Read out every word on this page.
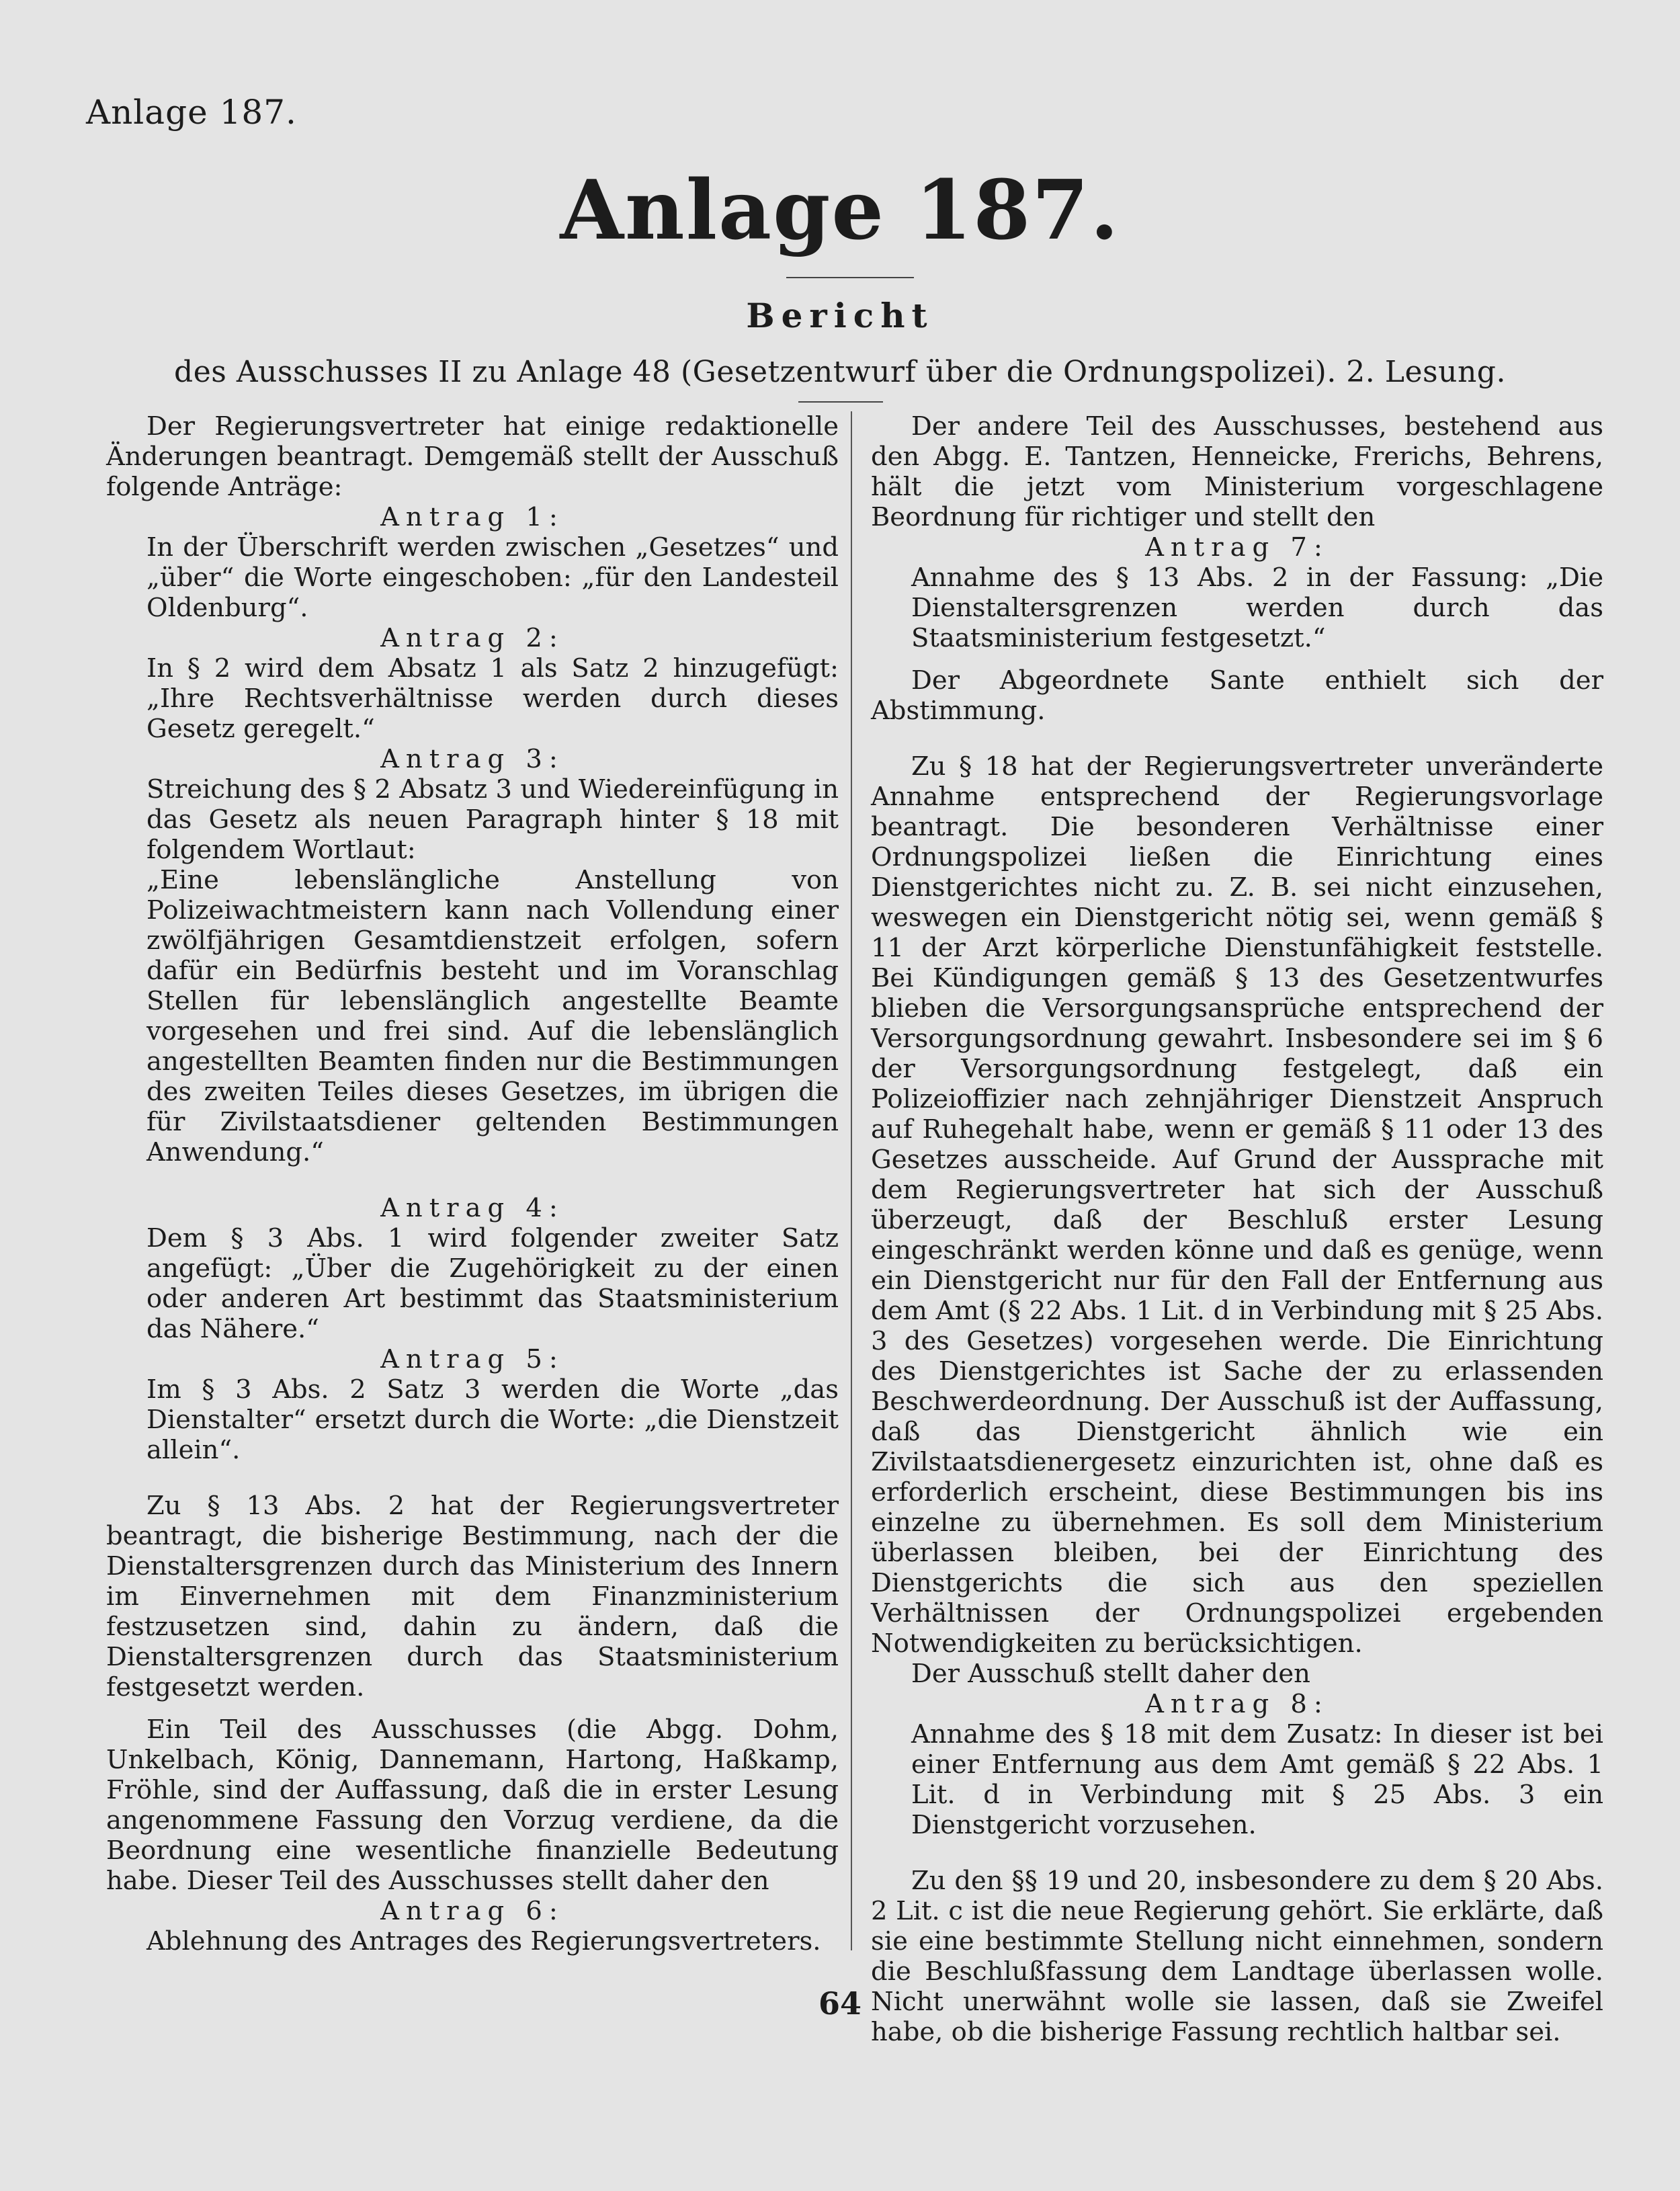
Anlage 187.
Anlage 187.
Bericht
des Ausschusses II zu Anlage 48 (Gesetzentwurf über die Ordnungspolizei). 2. Lesung.

Der Regierungsvertreter hat einige redaktionelle Änderungen beantragt. Demgemäß stellt der Ausschuß folgende Anträge:

Antrag 1:

In der Überschrift werden zwischen „Gesetzes“ und „über“ die Worte eingeschoben: „für den Landesteil Oldenburg“.

Antrag 2:

In § 2 wird dem Absatz 1 als Satz 2 hinzugefügt: „Ihre Rechtsverhältnisse werden durch dieses Gesetz geregelt.“

Antrag 3:

Streichung des § 2 Absatz 3 und Wiedereinfügung in das Gesetz als neuen Paragraph hinter § 18 mit folgendem Wortlaut:

„Eine lebenslängliche Anstellung von Polizeiwachtmeistern kann nach Vollendung einer zwölfjährigen Gesamtdienstzeit erfolgen, sofern dafür ein Bedürfnis besteht und im Voranschlag Stellen für lebenslänglich angestellte Beamte vorgesehen und frei sind. Auf die lebenslänglich angestellten Beamten finden nur die Bestimmungen des zweiten Teiles dieses Gesetzes, im übrigen die für Zivilstaatsdiener geltenden Bestimmungen Anwendung.“

Antrag 4:

Dem § 3 Abs. 1 wird folgender zweiter Satz angefügt: „Über die Zugehörigkeit zu der einen oder anderen Art bestimmt das Staatsministerium das Nähere.“

Antrag 5:

Im § 3 Abs. 2 Satz 3 werden die Worte „das Dienstalter“ ersetzt durch die Worte: „die Dienstzeit allein“.

Zu § 13 Abs. 2 hat der Regierungsvertreter beantragt, die bisherige Bestimmung, nach der die Dienstaltersgrenzen durch das Ministerium des Innern im Einvernehmen mit dem Finanzministerium festzusetzen sind, dahin zu ändern, daß die Dienstaltersgrenzen durch das Staatsministerium festgesetzt werden.

Ein Teil des Ausschusses (die Abgg. Dohm, Unkelbach, König, Dannemann, Hartong, Haßkamp, Fröhle, sind der Auffassung, daß die in erster Lesung angenommene Fassung den Vorzug verdiene, da die Beordnung eine wesentliche finanzielle Bedeutung habe. Dieser Teil des Ausschusses stellt daher den

Antrag 6:

Ablehnung des Antrages des Regierungsvertreters.

Der andere Teil des Ausschusses, bestehend aus den Abgg. E. Tantzen, Henneicke, Frerichs, Behrens, hält die jetzt vom Ministerium vorgeschlagene Beordnung für richtiger und stellt den

Antrag 7:

Annahme des § 13 Abs. 2 in der Fassung: „Die Dienstaltersgrenzen werden durch das Staatsministerium festgesetzt.“

Der Abgeordnete Sante enthielt sich der Abstimmung.

Zu § 18 hat der Regierungsvertreter unveränderte Annahme entsprechend der Regierungsvorlage beantragt. Die besonderen Verhältnisse einer Ordnungspolizei ließen die Einrichtung eines Dienstgerichtes nicht zu. Z. B. sei nicht einzusehen, weswegen ein Dienstgericht nötig sei, wenn gemäß § 11 der Arzt körperliche Dienstunfähigkeit feststelle. Bei Kündigungen gemäß § 13 des Gesetzentwurfes blieben die Versorgungsansprüche entsprechend der Versorgungsordnung gewahrt. Insbesondere sei im § 6 der Versorgungsordnung festgelegt, daß ein Polizeioffizier nach zehnjähriger Dienstzeit Anspruch auf Ruhegehalt habe, wenn er gemäß § 11 oder 13 des Gesetzes ausscheide. Auf Grund der Aussprache mit dem Regierungsvertreter hat sich der Ausschuß überzeugt, daß der Beschluß erster Lesung eingeschränkt werden könne und daß es genüge, wenn ein Dienstgericht nur für den Fall der Entfernung aus dem Amt (§ 22 Abs. 1 Lit. d in Verbindung mit § 25 Abs. 3 des Gesetzes) vorgesehen werde. Die Einrichtung des Dienstgerichtes ist Sache der zu erlassenden Beschwerdeordnung. Der Ausschuß ist der Auffassung, daß das Dienstgericht ähnlich wie ein Zivilstaatsdienergesetz einzurichten ist, ohne daß es erforderlich erscheint, diese Bestimmungen bis ins einzelne zu übernehmen. Es soll dem Ministerium überlassen bleiben, bei der Einrichtung des Dienstgerichts die sich aus den speziellen Verhältnissen der Ordnungspolizei ergebenden Notwendigkeiten zu berücksichtigen.

Der Ausschuß stellt daher den

Antrag 8:

Annahme des § 18 mit dem Zusatz: In dieser ist bei einer Entfernung aus dem Amt gemäß § 22 Abs. 1 Lit. d in Verbindung mit § 25 Abs. 3 ein Dienstgericht vorzusehen.

Zu den §§ 19 und 20, insbesondere zu dem § 20 Abs. 2 Lit. c ist die neue Regierung gehört. Sie erklärte, daß sie eine bestimmte Stellung nicht einnehmen, sondern die Beschlußfassung dem Landtage überlassen wolle. Nicht unerwähnt wolle sie lassen, daß sie Zweifel habe, ob die bisherige Fassung rechtlich haltbar sei.

64
